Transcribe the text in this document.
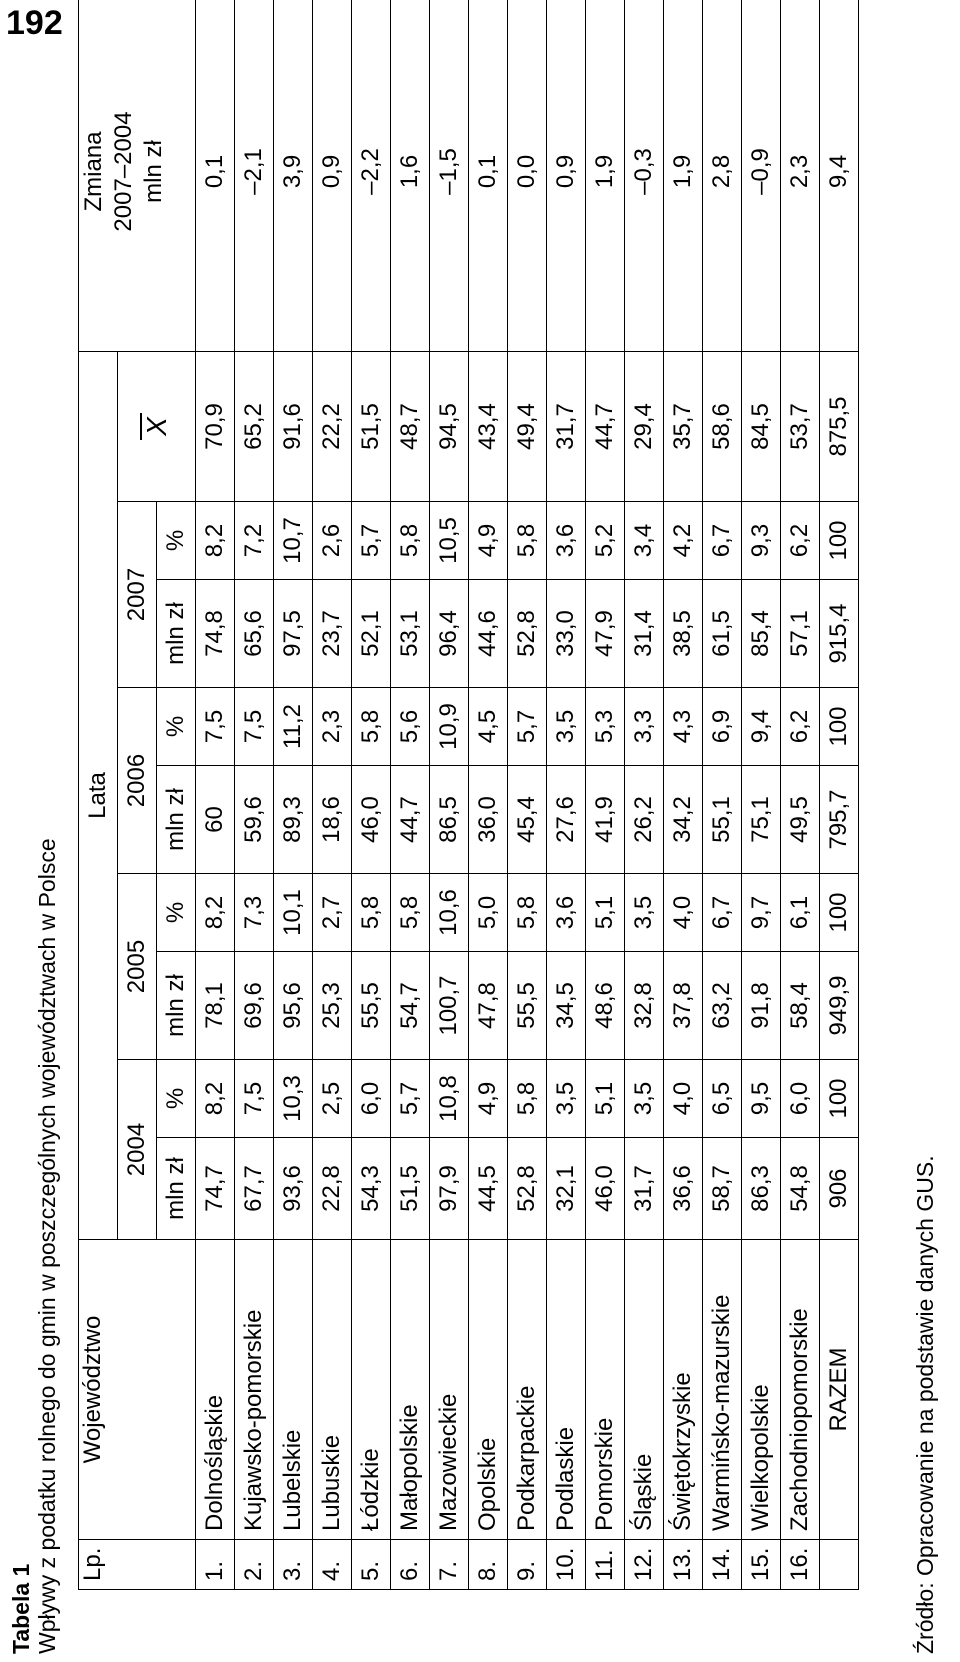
192
Tabela 1 Wpływy z podatku rolnego do gmin w poszczególnych województwach w Polsce Lp.	Województwo	Lata									Zmiana 2007–2004 mln zł

		2004		2005		2006		2007		X	
		mln zł	%	mln zł	%	mln zł	%	mln zł	%		
1.	Dolnośląskie	74,7	8,2	78,1	8,2	60	7,5	74,8	8,2	70,9	0,1
2.	Kujawsko-pomorskie	67,7	7,5	69,6	7,3	59,6	7,5	65,6	7,2	65,2	–2,1
3.	Lubelskie	93,6	10,3	95,6	10,1	89,3	11,2	97,5	10,7	91,6	3,9
4.	Lubuskie	22,8	2,5	25,3	2,7	18,6	2,3	23,7	2,6	22,2	0,9
5.	Łódzkie	54,3	6,0	55,5	5,8	46,0	5,8	52,1	5,7	51,5	–2,2
6.	Małopolskie	51,5	5,7	54,7	5,8	44,7	5,6	53,1	5,8	48,7	1,6
7.	Mazowieckie	97,9	10,8	100,7	10,6	86,5	10,9	96,4	10,5	94,5	–1,5
8.	Opolskie	44,5	4,9	47,8	5,0	36,0	4,5	44,6	4,9	43,4	0,1
9.	Podkarpackie	52,8	5,8	55,5	5,8	45,4	5,7	52,8	5,8	49,4	0,0
10.	Podlaskie	32,1	3,5	34,5	3,6	27,6	3,5	33,0	3,6	31,7	0,9
11.	Pomorskie	46,0	5,1	48,6	5,1	41,9	5,3	47,9	5,2	44,7	1,9
12.	Śląskie	31,7	3,5	32,8	3,5	26,2	3,3	31,4	3,4	29,4	–0,3
13.	Świętokrzyskie	36,6	4,0	37,8	4,0	34,2	4,3	38,5	4,2	35,7	1,9
14.	Warmińsko-mazurskie	58,7	6,5	63,2	6,7	55,1	6,9	61,5	6,7	58,6	2,8
15.	Wielkopolskie	86,3	9,5	91,8	9,7	75,1	9,4	85,4	9,3	84,5	–0,9
16.	Zachodniopomorskie	54,8	6,0	58,4	6,1	49,5	6,2	57,1	6,2	53,7	2,3
	RAZEM	906	100	949,9	100	795,7	100	915,4	100	875,5	9,4
Źródło: Opracowanie na podstawie danych GUS.
